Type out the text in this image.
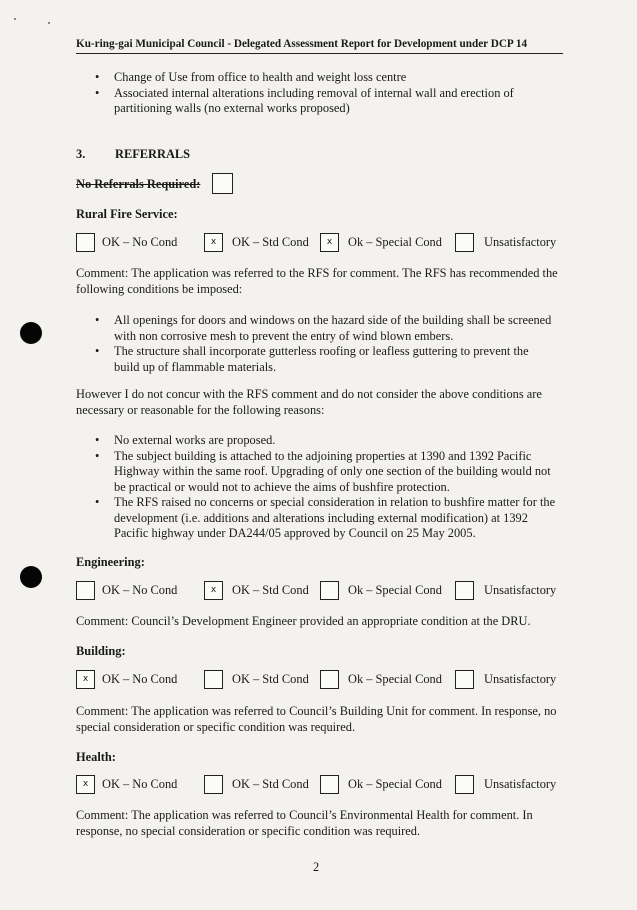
Ku-ring-gai Municipal Council - Delegated Assessment Report for Development under DCP 14
• Change of Use from office to health and weight loss centre
• Associated internal alterations including removal of internal wall and erection of partitioning walls (no external works proposed)
3. REFERRALS
No Referrals Required:
Rural Fire Service:
OK – No Cond	x	OK – Std Cond	x	Ok – Special Cond	Unsatisfactory
Comment: The application was referred to the RFS for comment. The RFS has recommended the following conditions be imposed:
• All openings for doors and windows on the hazard side of the building shall be screened with non corrosive mesh to prevent the entry of wind blown embers.
• The structure shall incorporate gutterless roofing or leafless guttering to prevent the build up of flammable materials.
However I do not concur with the RFS comment and do not consider the above conditions are necessary or reasonable for the following reasons:
• No external works are proposed.
• The subject building is attached to the adjoining properties at 1390 and 1392 Pacific Highway within the same roof. Upgrading of only one section of the building would not be practical or would not to achieve the aims of bushfire protection.
• The RFS raised no concerns or special consideration in relation to bushfire matter for the development (i.e. additions and alterations including external modification) at 1392 Pacific highway under DA244/05 approved by Council on 25 May 2005.
Engineering:
OK – No Cond	x	OK – Std Cond	Ok – Special Cond	Unsatisfactory
Comment: Council’s Development Engineer provided an appropriate condition at the DRU.
Building:
x	OK – No Cond	OK – Std Cond	Ok – Special Cond	Unsatisfactory
Comment: The application was referred to Council’s Building Unit for comment. In response, no special consideration or specific condition was required.
Health:
x	OK – No Cond	OK – Std Cond	Ok – Special Cond	Unsatisfactory
Comment: The application was referred to Council’s Environmental Health for comment. In response, no special consideration or specific condition was required.
2
